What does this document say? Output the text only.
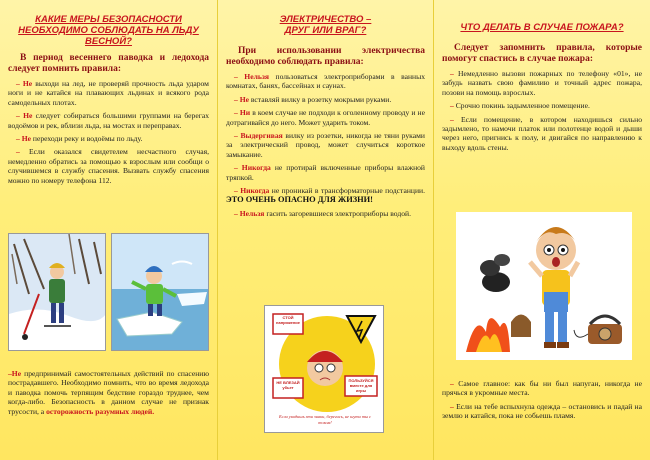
КАКИЕ МЕРЫ БЕЗОПАСНОСТИ НЕОБХОДИМО СОБЛЮДАТЬ НА ЛЬДУ ВЕСНОЙ?
В период весеннего паводка и ледохода следует помнить правила:
– Не выходи на лед, не проверяй прочность льда ударом ноги и не катайся на плавающих льдинах и всякого рода самодельных плотах.
– Не следует собираться большими группами на берегах водоёмов и рек, вблизи льда, на мостах и переправах.
– Не переходи реку и водоёмы по льду.
– Если оказался свидетелем несчастного случая, немедленно обратись за помощью к взрослым или сообщи о случившемся в службу спасения. Вызвать службу спасения можно по номеру телефона 112.
–Не предпринимай самостоятельных действий по спасению пострадавшего. Необходимо помнить, что во время ледохода и паводка помочь терпящим бедствие гораздо труднее, чем когда-либо. Безопасность в данном случае не признак трусости, а осторожность разумных людей.
ЭЛЕКТРИЧЕСТВО –
ДРУГ ИЛИ ВРАГ?
При использовании электричества необходимо соблюдать правила:
– Нельзя пользоваться электроприборами в ванных комнатах, банях, бассейнах и саунах.
– Не вставляй вилку в розетку мокрыми руками.
– Ни в коем случае не подходи к оголенному проводу и не дотрагивайся до него. Может ударить током.
– Выдергивая вилку из розетки, никогда не тяни руками за электрический провод, может случиться короткое замыкание.
– Никогда не протирай включенные приборы влажной тряпкой.
– Никогда не проникай в трансформаторные подстанции. ЭТО ОЧЕНЬ ОПАСНО ДЛЯ ЖИЗНИ!
– Нельзя гасить загоревшиеся электроприборы водой.
СТОЙ напряжение
НЕ ВЛЕЗАЙ убьет
ПОЛЬЗУЙСЯ вместе для игры
Если увидишь эти знаки, берегись, не шути ты с током!
ЧТО ДЕЛАТЬ В СЛУЧАЕ ПОЖАРА?
Следует запомнить правила, которые помогут спастись в случае пожара:
– Немедленно вызови пожарных по телефону «01», не забудь назвать свою фамилию и точный адрес пожара, позови на помощь взрослых.
– Срочно покинь задымленное помещение.
– Если помещение, в котором находишься сильно задымлено, то намочи платок или полотенце водой и дыши через него, пригнись к полу, и двигайся по направлению к выходу вдоль стены.
– Самое главное: как бы ни был напуган, никогда не прячься в укромные места.
– Если на тебе вспыхнула одежда – остановись и падай на землю и катайся, пока не собьешь пламя.
